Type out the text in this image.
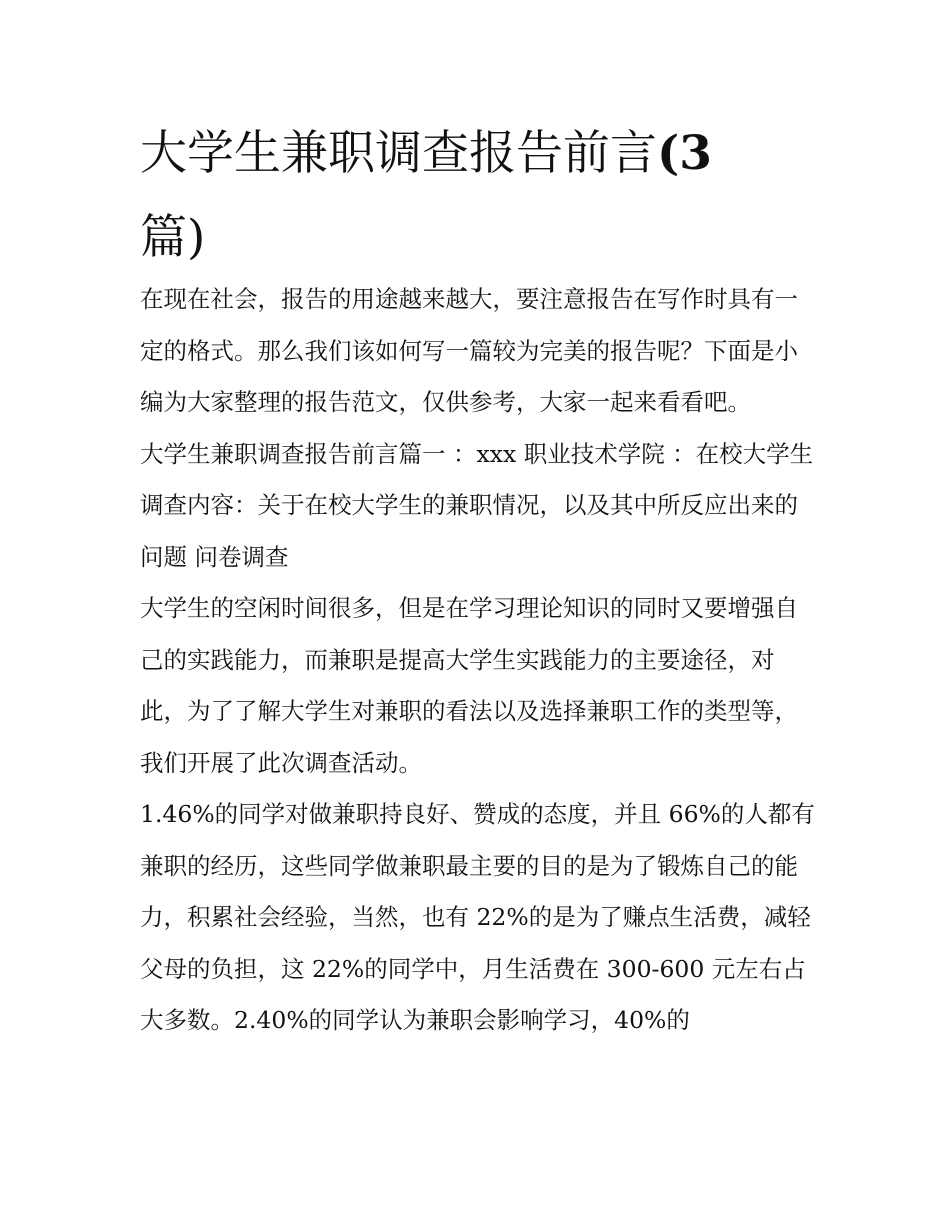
大学生兼职调查报告前言(3
篇)

在现在社会，报告的用途越来越大，要注意报告在写作时具有一定的格式。那么我们该如何写一篇较为完美的报告呢？下面是小编为大家整理的报告范文，仅供参考，大家一起来看看吧。

大学生兼职调查报告前言篇一 ：xxx 职业技术学院 ：在校大学生调查内容：关于在校大学生的兼职情况，以及其中所反应出来的问题 问卷调查

大学生的空闲时间很多，但是在学习理论知识的同时又要增强自己的实践能力，而兼职是提高大学生实践能力的主要途径，对此，为了了解大学生对兼职的看法以及选择兼职工作的类型等，我们开展了此次调查活动。

1.46%的同学对做兼职持良好、赞成的态度，并且 66%的人都有兼职的经历，这些同学做兼职最主要的目的是为了锻炼自己的能力，积累社会经验，当然，也有 22%的是为了赚点生活费，减轻父母的负担，这 22%的同学中，月生活费在 300-600 元左右占大多数。2.40%的同学认为兼职会影响学习，40%的
